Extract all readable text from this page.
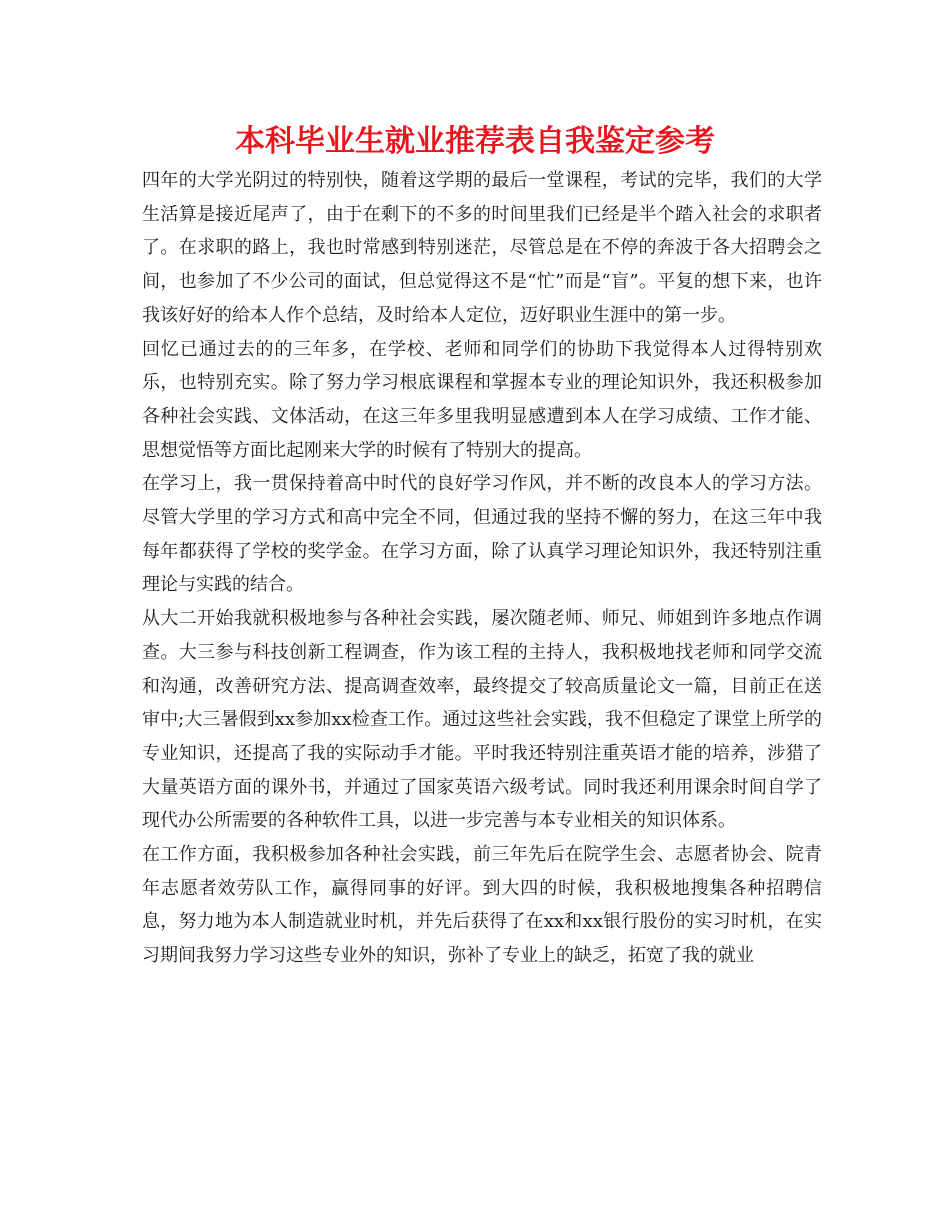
本科毕业生就业推荐表自我鉴定参考

四年的大学光阴过的特别快，随着这学期的最后一堂课程，考试的完毕，我们的大学生活算是接近尾声了，由于在剩下的不多的时间里我们已经是半个踏入社会的求职者了。在求职的路上，我也时常感到特别迷茫，尽管总是在不停的奔波于各大招聘会之间，也参加了不少公司的面试，但总觉得这不是“忙”而是“盲”。平复的想下来，也许我该好好的给本人作个总结，及时给本人定位，迈好职业生涯中的第一步。

回忆已通过去的的三年多，在学校、老师和同学们的协助下我觉得本人过得特别欢乐，也特别充实。除了努力学习根底课程和掌握本专业的理论知识外，我还积极参加各种社会实践、文体活动，在这三年多里我明显感遭到本人在学习成绩、工作才能、思想觉悟等方面比起刚来大学的时候有了特别大的提高。

在学习上，我一贯保持着高中时代的良好学习作风，并不断的改良本人的学习方法。尽管大学里的学习方式和高中完全不同，但通过我的坚持不懈的努力，在这三年中我每年都获得了学校的奖学金。在学习方面，除了认真学习理论知识外，我还特别注重理论与实践的结合。

从大二开始我就积极地参与各种社会实践，屡次随老师、师兄、师姐到许多地点作调查。大三参与科技创新工程调查，作为该工程的主持人，我积极地找老师和同学交流和沟通，改善研究方法、提高调查效率，最终提交了较高质量论文一篇，目前正在送审中;大三暑假到xx参加xx检查工作。通过这些社会实践，我不但稳定了课堂上所学的专业知识，还提高了我的实际动手才能。平时我还特别注重英语才能的培养，涉猎了大量英语方面的课外书，并通过了国家英语六级考试。同时我还利用课余时间自学了现代办公所需要的各种软件工具，以进一步完善与本专业相关的知识体系。

在工作方面，我积极参加各种社会实践，前三年先后在院学生会、志愿者协会、院青年志愿者效劳队工作，赢得同事的好评。到大四的时候，我积极地搜集各种招聘信息，努力地为本人制造就业时机，并先后获得了在xx和xx银行股份的实习时机，在实习期间我努力学习这些专业外的知识，弥补了专业上的缺乏，拓宽了我的就业
